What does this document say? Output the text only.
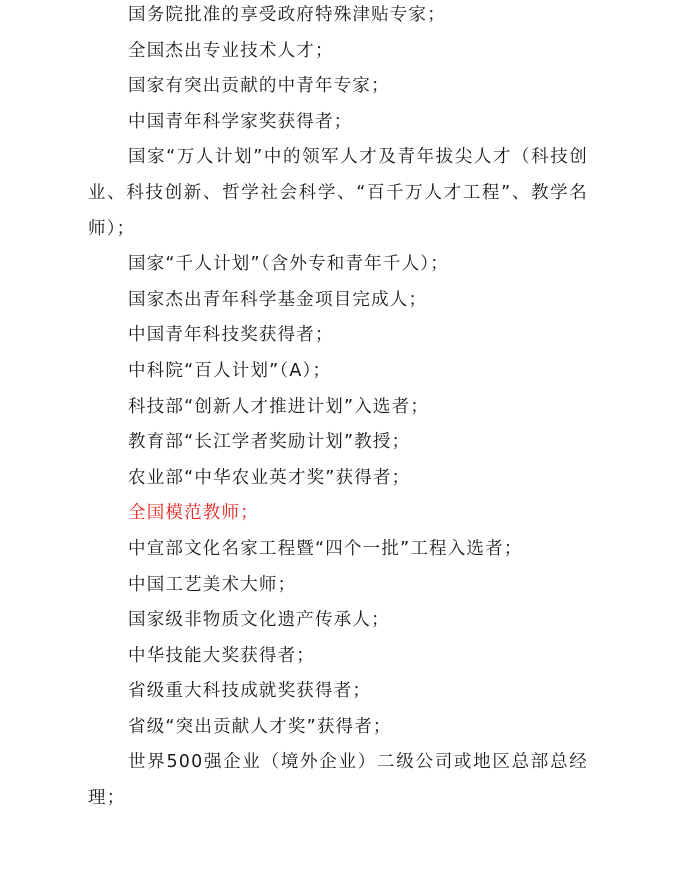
国务院批准的享受政府特殊津贴专家；

全国杰出专业技术人才；

国家有突出贡献的中青年专家；

中国青年科学家奖获得者；

国家“万人计划”中的领军人才及青年拔尖人才（科技创业、科技创新、哲学社会科学、“百千万人才工程”、教学名师）；

国家“千人计划”（含外专和青年千人）；

国家杰出青年科学基金项目完成人；

中国青年科技奖获得者；

中科院“百人计划”（A）；

科技部“创新人才推进计划”入选者；

教育部“长江学者奖励计划”教授；

农业部“中华农业英才奖”获得者；

全国模范教师；

中宣部文化名家工程暨“四个一批”工程入选者；

中国工艺美术大师；

国家级非物质文化遗产传承人；

中华技能大奖获得者；

省级重大科技成就奖获得者；

省级“突出贡献人才奖”获得者；

世界500强企业（境外企业）二级公司或地区总部总经理；
